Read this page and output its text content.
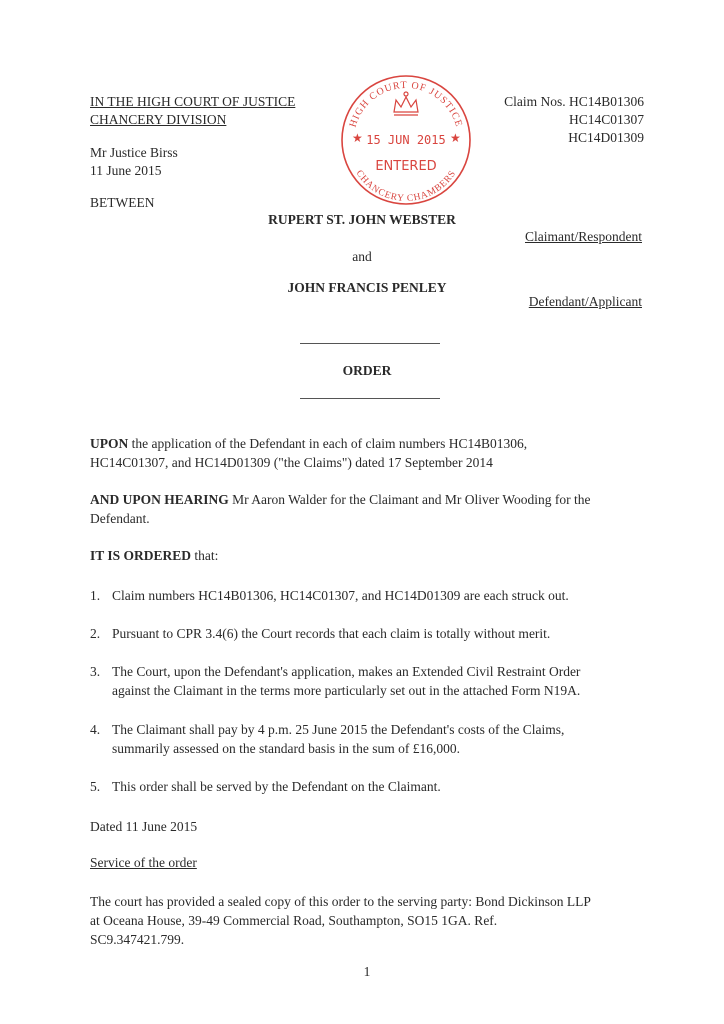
IN THE HIGH COURT OF JUSTICE

CHANCERY DIVISION

Mr Justice Birss

11 June 2015

Claim Nos. HC14B01306

HC14C01307

HC14D01309

HIGH COURT OF JUSTICE
★	★
15 JUN 2015
ENTERED
CHANCERY CHAMBERS

BETWEEN

RUPERT ST. JOHN WEBSTER

Claimant/Respondent

and

JOHN FRANCIS PENLEY

Defendant/Applicant

ORDER

UPON the application of the Defendant in each of claim numbers HC14B01306,

HC14C01307, and HC14D01309 ("the Claims") dated 17 September 2014

AND UPON HEARING Mr Aaron Walder for the Claimant and Mr Oliver Wooding for the

Defendant.

IT IS ORDERED that:

1. Claim numbers HC14B01306, HC14C01307, and HC14D01309 are each struck out.

2. Pursuant to CPR 3.4(6) the Court records that each claim is totally without merit.

3. The Court, upon the Defendant's application, makes an Extended Civil Restraint Order

against the Claimant in the terms more particularly set out in the attached Form N19A.

4. The Claimant shall pay by 4 p.m. 25 June 2015 the Defendant's costs of the Claims,

summarily assessed on the standard basis in the sum of £16,000.

5. This order shall be served by the Defendant on the Claimant.

Dated 11 June 2015

Service of the order

The court has provided a sealed copy of this order to the serving party: Bond Dickinson LLP

at Oceana House, 39-49 Commercial Road, Southampton, SO15 1GA. Ref.

SC9.347421.799.

1
